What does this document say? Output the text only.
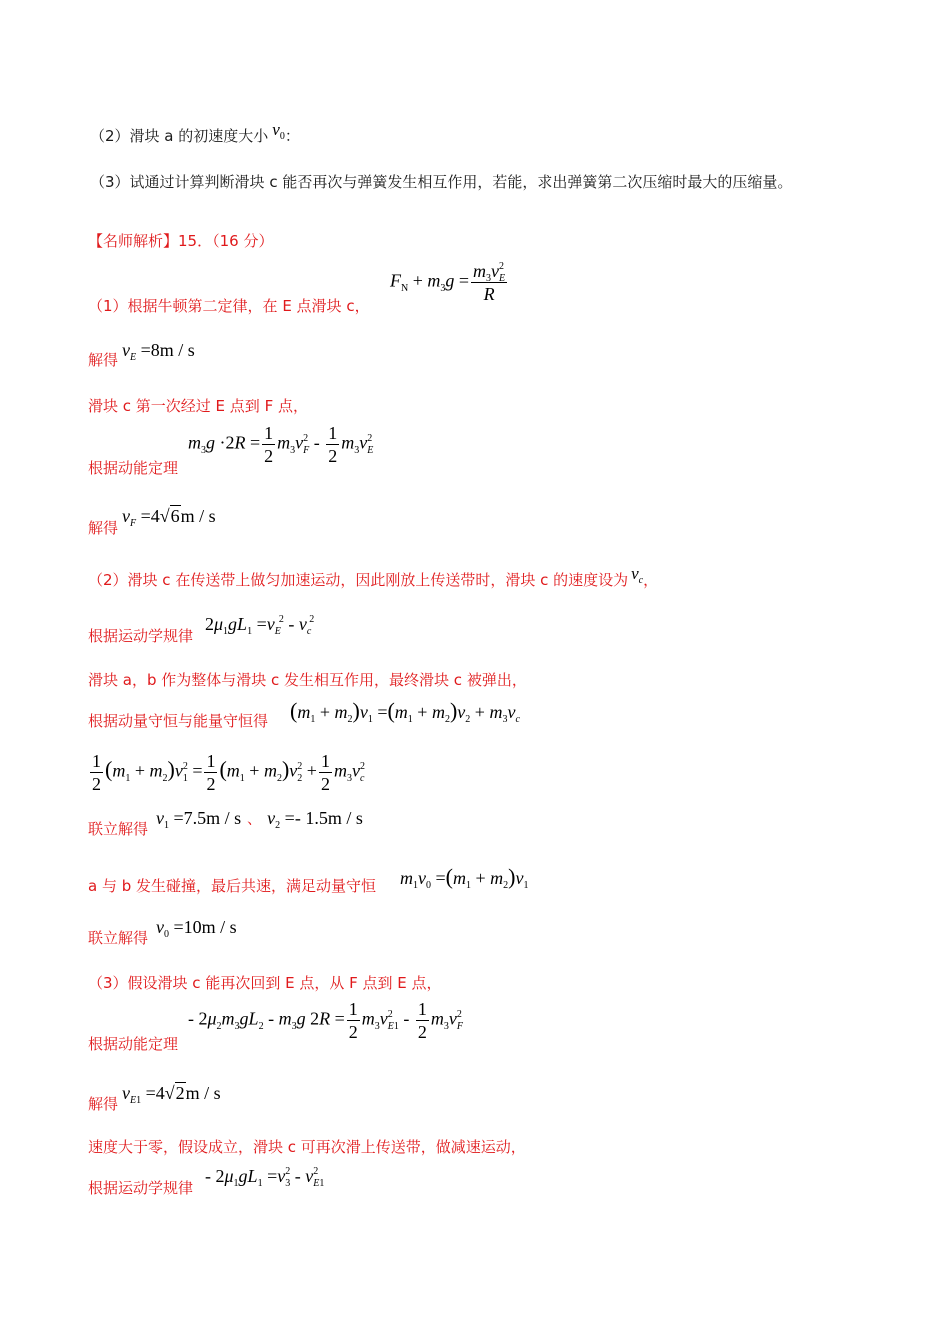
（2）滑块 a 的初速度大小 $v_0$：
（3）试通过计算判断滑块 c 能否再次与弹簧发生相互作用，若能，求出弹簧第二次压缩时最大的压缩量。
【名师解析】15．（16 分）
（1）根据牛顿第二定律，在 E 点滑块 c，
$F_N + m_3g = \frac{m_3v^2_E}{R}$
解得 $v_E =8m / s$
滑块 c 第一次经过 E 点到 F 点，
根据动能定理
$m_3g \cdot 2R = \frac{1}{2} m_3v^2_F - \frac{1}{2} m_3v^2_E$
解得
$v_F =4√6m / s$
（2）滑块 c 在传送带上做匀加速运动，因此刚放上传送带时，滑块 c 的速度设为 $v_c$，
根据运动学规律
$2\mu_1gL_1 =v_E^2 - v_c^2$
滑块 a，b 作为整体与滑块 c 发生相互作用，最终滑块 c 被弹出，
根据动量守恒与能量守恒得 $(m_1 + m_2)v_1 =(m_1 + m_2)v_2 + m_3v_c$
$\frac{1}{2} (m_1 + m_2)v^2_1 = \frac{1}{2} (m_1 + m_2)v^2_2 + \frac{1}{2} m_3v^2_c$
联立解得
$v_1 =7.5m / s$ 、 $v_2 =- 1.5m / s$
a 与 b 发生碰撞，最后共速，满足动量守恒 $m_1v_0 =(m_1 + m_2)v_1$
联立解得
$v_0 =10m / s$
（3）假设滑块 c 能再次回到 E 点，从 F 点到 E 点，
根据动能定理
- $2\mu_2m_3gL_2 - m_3g$ $2R = \frac{1}{2} m_3v^2_{E1} - \frac{1}{2} m_3v^2_F$
解得
$v_{E1} =4√2m / s$
速度大于零，假设成立，滑块 c 可再次滑上传送带，做减速运动，
根据运动学规律
- $2\mu_1gL_1 =v^2_3 - v^2_{E1}$
